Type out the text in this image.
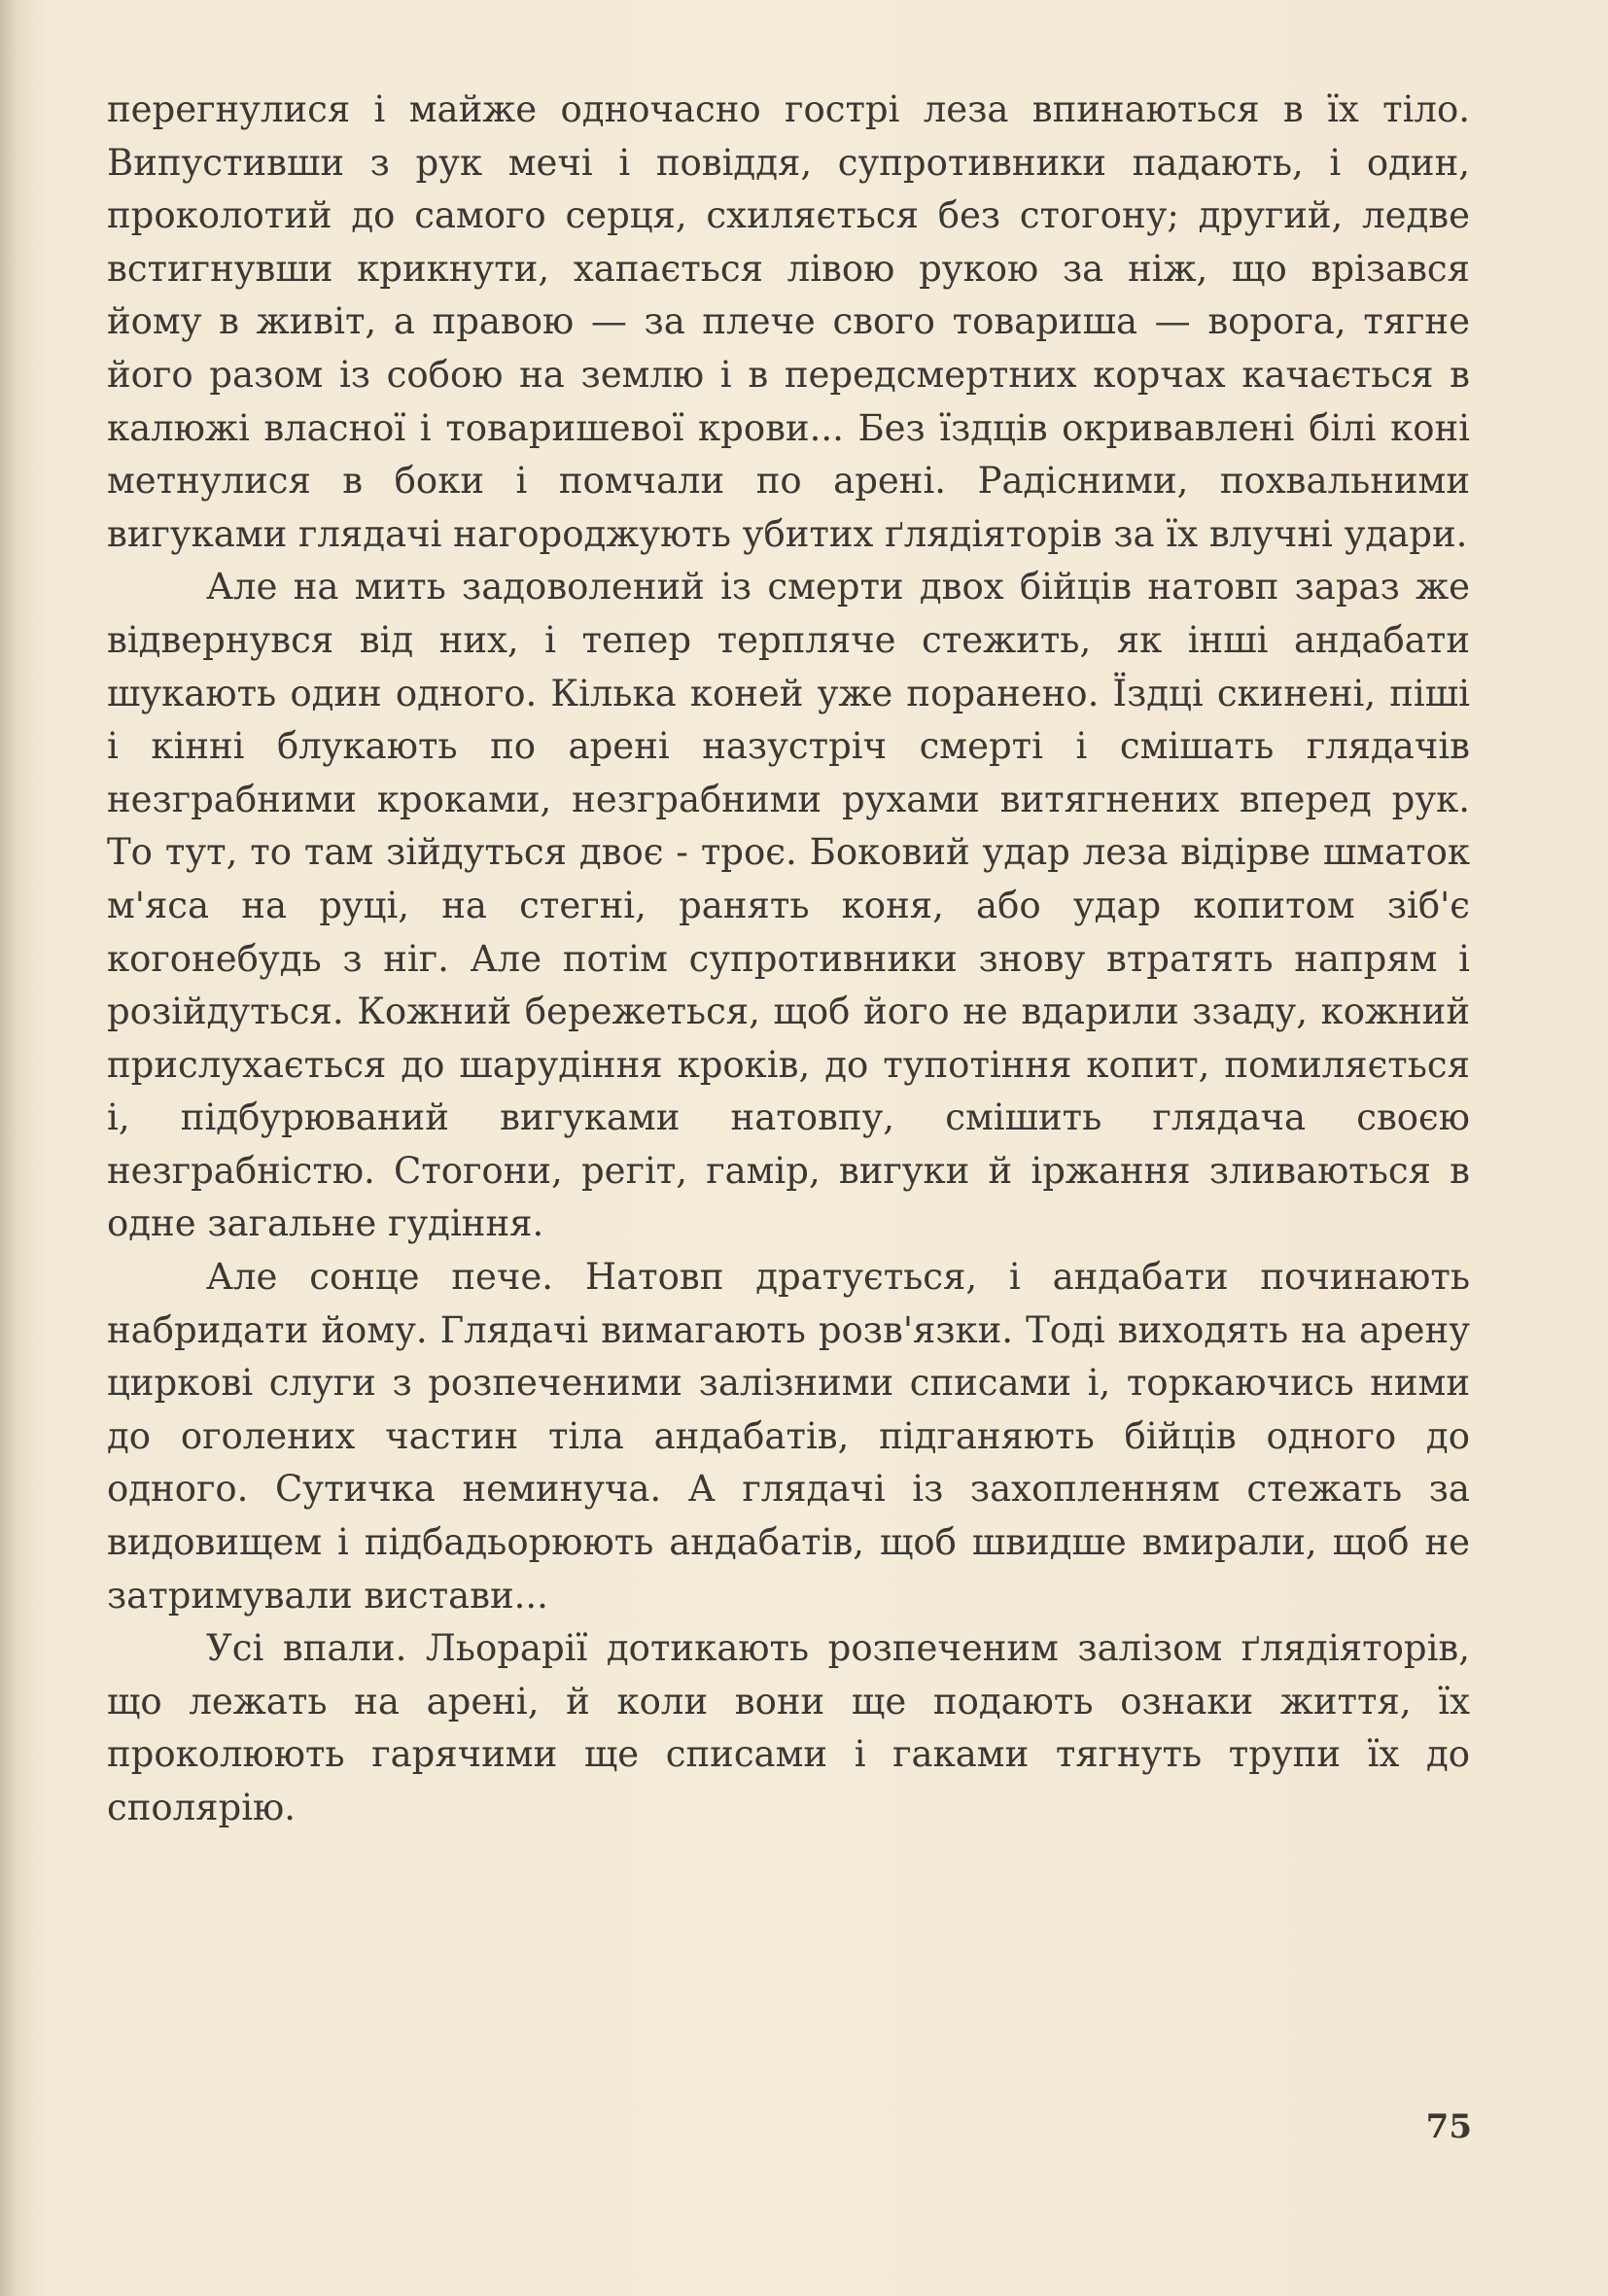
перегнулися і майже одночасно гострі леза впинаються в їх тіло. Випустивши з рук мечі і повіддя, супротивники падають, і один, проколотий до самого серця, схиляється без стогону; другий, ледве встигнувши крикнути, хапається лівою рукою за ніж, що врізався йому в живіт, а правою — за плече свого товариша — ворога, тягне його разом із собою на землю і в передсмертних корчах качається в калюжі власної і товаришевої крови... Без їздців окривавлені білі коні метнулися в боки і помчали по арені. Радісними, похвальними вигуками глядачі нагороджують убитих ґлядіяторів за їх влучні удари.

Але на мить задоволений із смерти двох бійців натовп зараз же відвернувся від них, і тепер терпляче стежить, як інші андабати шукають один одного. Кілька коней уже поранено. Їздці скинені, піші і кінні блукають по арені назустріч смерті і смішать глядачів незграбними кроками, незграбними рухами витягнених вперед рук. То тут, то там зійдуться двоє - троє. Боковий удар леза відірве шматок м'яса на руці, на стегні, ранять коня, або удар копитом зіб'є когонебудь з ніг. Але потім супротивники знову втратять напрям і розійдуться. Кожний бережеться, щоб його не вдарили ззаду, кожний прислухається до шарудіння кроків, до тупотіння копит, помиляється і, підбурюваний вигуками натовпу, смішить глядача своєю незграбністю. Стогони, регіт, гамір, вигуки й іржання зливаються в одне загальне гудіння.

Але сонце пече. Натовп дратується, і андабати починають набридати йому. Глядачі вимагають розв'язки. Тоді виходять на арену циркові слуги з розпеченими залізними списами і, торкаючись ними до оголених частин тіла андабатів, підганяють бійців одного до одного. Сутичка неминуча. А глядачі із захопленням стежать за видовищем і підбадьорюють андабатів, щоб швидше вмирали, щоб не затримували вистави...

Усі впали. Льорарії дотикають розпеченим залізом ґлядіяторів, що лежать на арені, й коли вони ще подають ознаки життя, їх проколюють гарячими ще списами і гаками тягнуть трупи їх до сполярію.

75
